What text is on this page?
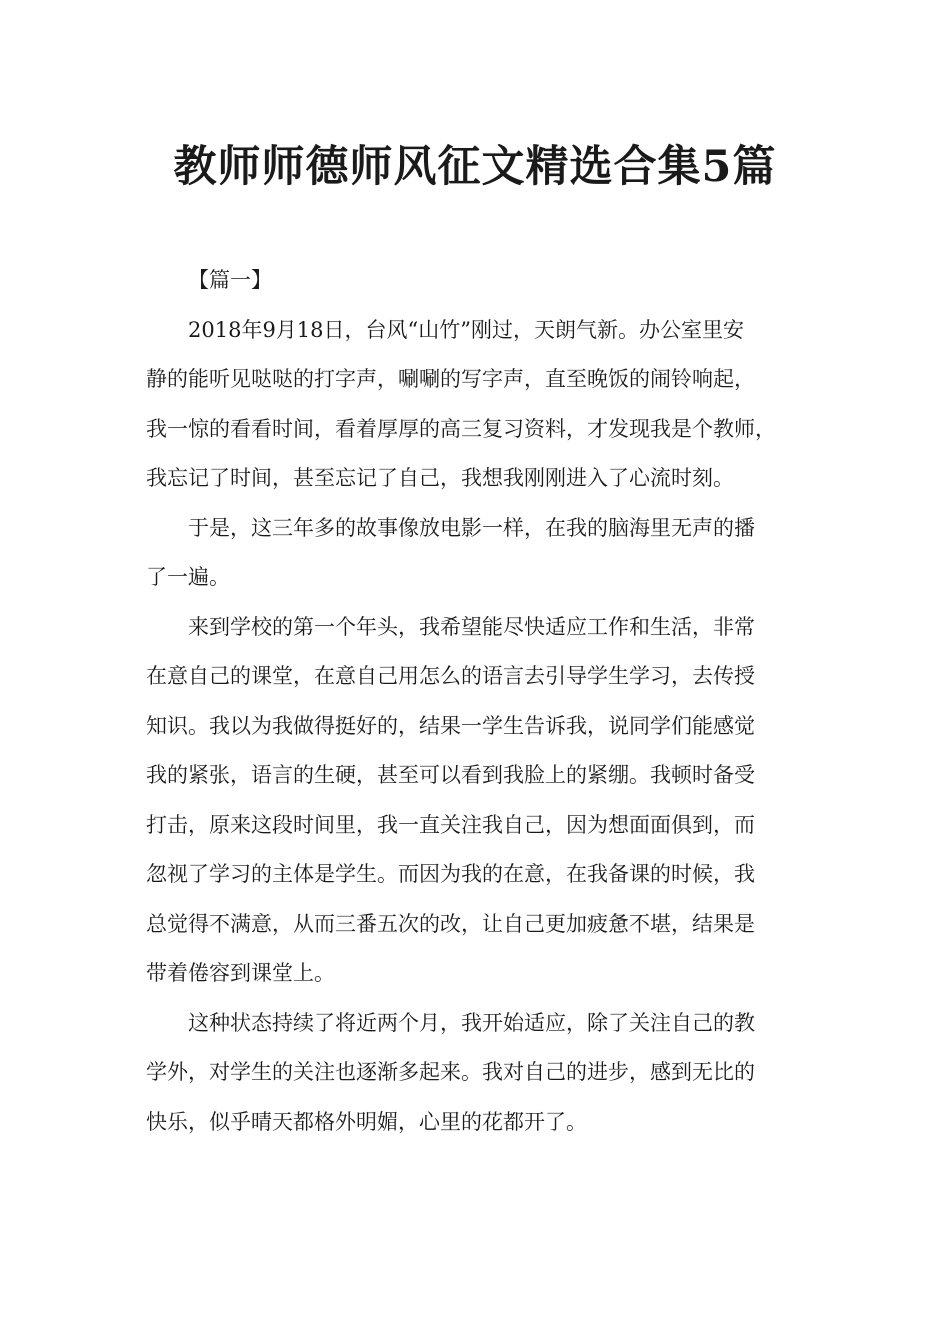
教师师德师风征文精选合集5篇

【篇一】

2018年9月18日，台风“山竹”刚过，天朗气新。办公室里安
静的能听见哒哒的打字声，唰唰的写字声，直至晚饭的闹铃响起，
我一惊的看看时间，看着厚厚的高三复习资料，才发现我是个教师，
我忘记了时间，甚至忘记了自己，我想我刚刚进入了心流时刻。
于是，这三年多的故事像放电影一样，在我的脑海里无声的播
了一遍。
来到学校的第一个年头，我希望能尽快适应工作和生活，非常
在意自己的课堂，在意自己用怎么的语言去引导学生学习，去传授
知识。我以为我做得挺好的，结果一学生告诉我，说同学们能感觉
我的紧张，语言的生硬，甚至可以看到我脸上的紧绷。我顿时备受
打击，原来这段时间里，我一直关注我自己，因为想面面俱到，而
忽视了学习的主体是学生。而因为我的在意，在我备课的时候，我
总觉得不满意，从而三番五次的改，让自己更加疲惫不堪，结果是
带着倦容到课堂上。
这种状态持续了将近两个月，我开始适应，除了关注自己的教
学外，对学生的关注也逐渐多起来。我对自己的进步，感到无比的
快乐，似乎晴天都格外明媚，心里的花都开了。
